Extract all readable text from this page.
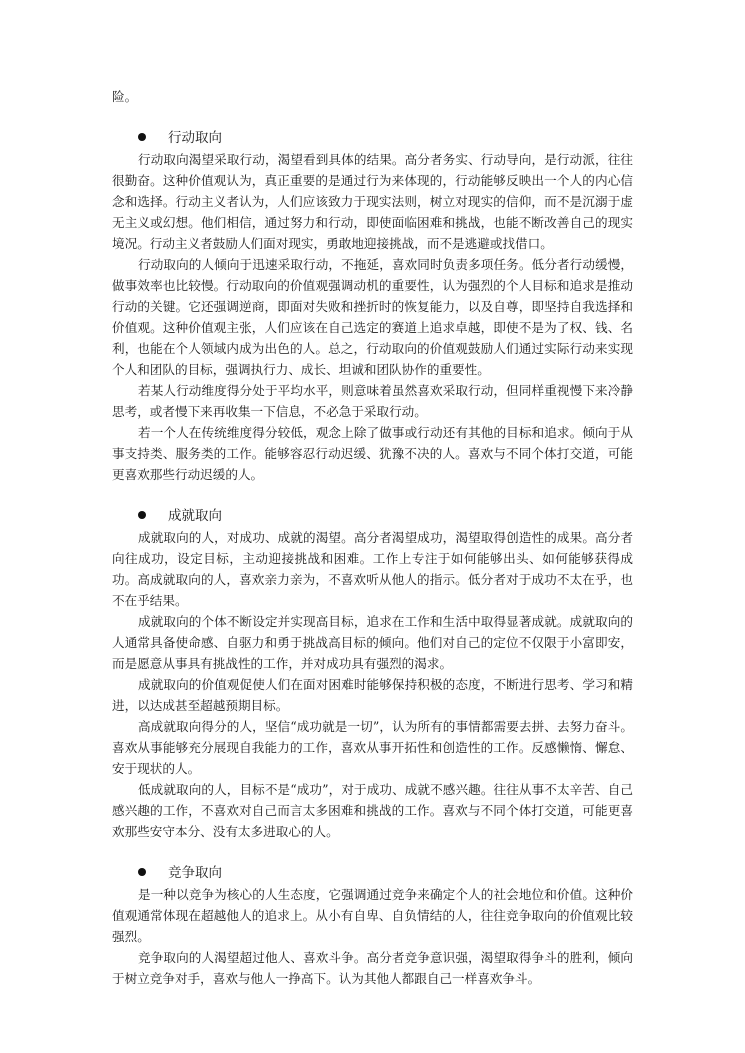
险。

行动取向

行动取向渴望采取行动，渴望看到具体的结果。高分者务实、行动导向，是行动派，往往很勤奋。这种价值观认为，真正重要的是通过行为来体现的，行动能够反映出一个人的内心信念和选择。行动主义者认为，人们应该致力于现实法则，树立对现实的信仰，而不是沉溺于虚无主义或幻想。他们相信，通过努力和行动，即使面临困难和挑战，也能不断改善自己的现实境况。行动主义者鼓励人们面对现实，勇敢地迎接挑战，而不是逃避或找借口。

行动取向的人倾向于迅速采取行动，不拖延，喜欢同时负责多项任务。低分者行动缓慢，做事效率也比较慢。行动取向的价值观强调动机的重要性，认为强烈的个人目标和追求是推动行动的关键。它还强调逆商，即面对失败和挫折时的恢复能力，以及自尊，即坚持自我选择和价值观。这种价值观主张，人们应该在自己选定的赛道上追求卓越，即使不是为了权、钱、名利，也能在个人领域内成为出色的人。总之，行动取向的价值观鼓励人们通过实际行动来实现个人和团队的目标，强调执行力、成长、坦诚和团队协作的重要性。

若某人行动维度得分处于平均水平，则意味着虽然喜欢采取行动，但同样重视慢下来冷静思考，或者慢下来再收集一下信息，不必急于采取行动。

若一个人在传统维度得分较低，观念上除了做事或行动还有其他的目标和追求。倾向于从事支持类、服务类的工作。能够容忍行动迟缓、犹豫不决的人。喜欢与不同个体打交道，可能更喜欢那些行动迟缓的人。

成就取向

成就取向的人，对成功、成就的渴望。高分者渴望成功，渴望取得创造性的成果。高分者向往成功，设定目标，主动迎接挑战和困难。工作上专注于如何能够出头、如何能够获得成功。高成就取向的人，喜欢亲力亲为，不喜欢听从他人的指示。低分者对于成功不太在乎，也不在乎结果。

成就取向的个体不断设定并实现高目标，追求在工作和生活中取得显著成就。成就取向的人通常具备使命感、自驱力和勇于挑战高目标的倾向。他们对自己的定位不仅限于小富即安，而是愿意从事具有挑战性的工作，并对成功具有强烈的渴求。

成就取向的价值观促使人们在面对困难时能够保持积极的态度，不断进行思考、学习和精进，以达成甚至超越预期目标。

高成就取向得分的人，坚信“成功就是一切”，认为所有的事情都需要去拼、去努力奋斗。喜欢从事能够充分展现自我能力的工作，喜欢从事开拓性和创造性的工作。反感懒惰、懈怠、安于现状的人。

低成就取向的人，目标不是“成功”，对于成功、成就不感兴趣。往往从事不太辛苦、自己感兴趣的工作，不喜欢对自己而言太多困难和挑战的工作。喜欢与不同个体打交道，可能更喜欢那些安守本分、没有太多进取心的人。

竞争取向

是一种以竞争为核心的人生态度，它强调通过竞争来确定个人的社会地位和价值。这种价值观通常体现在超越他人的追求上。从小有自卑、自负情结的人，往往竞争取向的价值观比较强烈。

竞争取向的人渴望超过他人、喜欢斗争。高分者竞争意识强，渴望取得争斗的胜利，倾向于树立竞争对手，喜欢与他人一挣高下。认为其他人都跟自己一样喜欢争斗。
